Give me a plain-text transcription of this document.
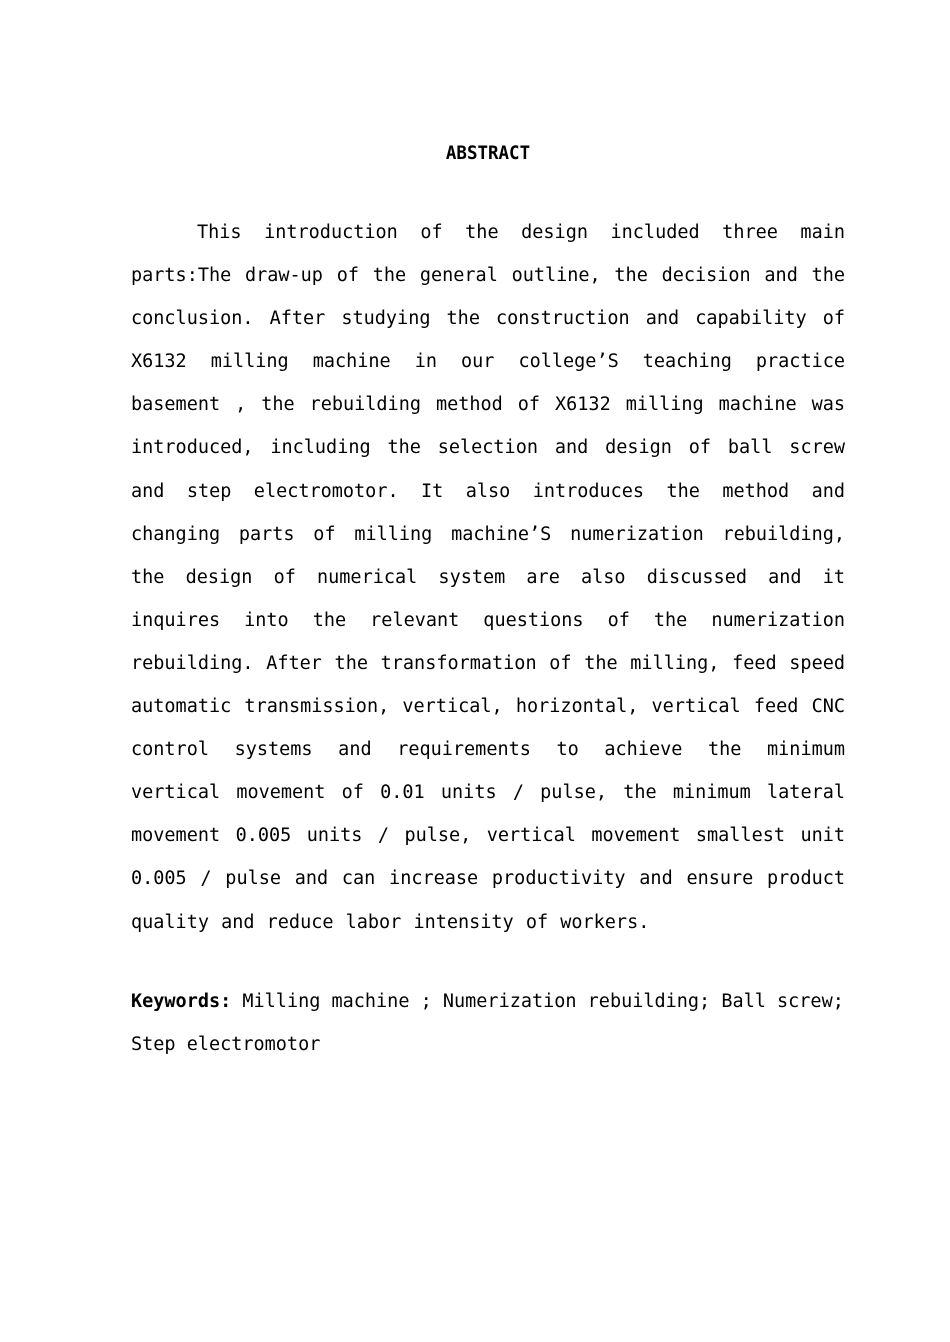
ABSTRACT

This introduction of the design included three main parts:The draw-up of the general outline, the decision and the conclusion. After studying the construction and capability of X6132 milling machine in our college’S teaching practice basement , the rebuilding method of X6132 milling machine was introduced, including the selection and design of ball screw and step electromotor. It also introduces the method and changing parts of milling machine’S numerization rebuilding, the design of numerical system are also discussed and it inquires into the relevant questions of the numerization rebuilding. After the transformation of the milling, feed speed automatic transmission, vertical, horizontal, vertical feed CNC control systems and requirements to achieve the minimum vertical movement of 0.01 units / pulse, the minimum lateral movement 0.005 units / pulse, vertical movement smallest unit 0.005 / pulse and can increase productivity and ensure product quality and reduce labor intensity of workers.

Keywords: Milling machine ; Numerization rebuilding; Ball screw; Step electromotor
